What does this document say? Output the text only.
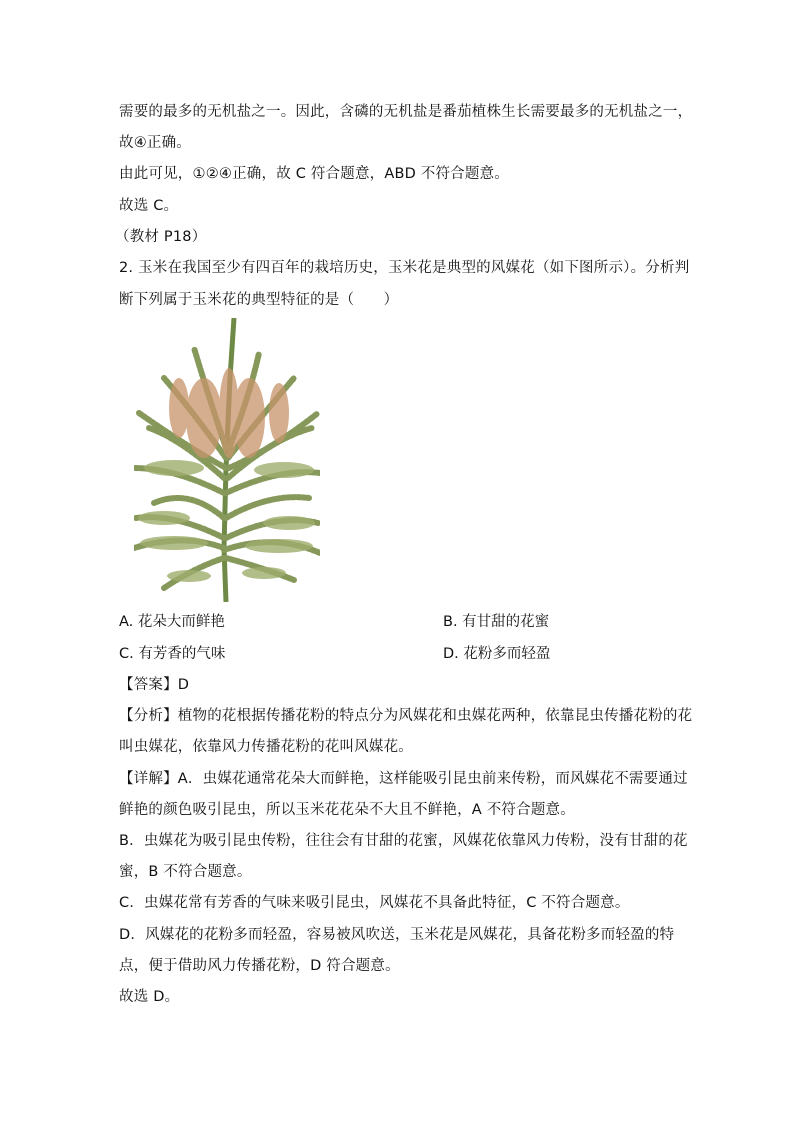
需要的最多的无机盐之一。因此，含磷的无机盐是番茄植株生长需要最多的无机盐之一，
故④正确。
由此可见，①②④正确，故 C 符合题意，ABD 不符合题意。
故选 C。
（教材 P18）
2. 玉米在我国至少有四百年的栽培历史，玉米花是典型的风媒花（如下图所示）。分析判
断下列属于玉米花的典型特征的是（　　）
A. 花朵大而鲜艳	B. 有甘甜的花蜜
C. 有芳香的气味	D. 花粉多而轻盈
【答案】D
【分析】植物的花根据传播花粉的特点分为风媒花和虫媒花两种，依靠昆虫传播花粉的花
叫虫媒花，依靠风力传播花粉的花叫风媒花。
【详解】A．虫媒花通常花朵大而鲜艳，这样能吸引昆虫前来传粉，而风媒花不需要通过
鲜艳的颜色吸引昆虫，所以玉米花花朵不大且不鲜艳，A 不符合题意。
B．虫媒花为吸引昆虫传粉，往往会有甘甜的花蜜，风媒花依靠风力传粉，没有甘甜的花
蜜，B 不符合题意。
C．虫媒花常有芳香的气味来吸引昆虫，风媒花不具备此特征，C 不符合题意。
D．风媒花的花粉多而轻盈，容易被风吹送，玉米花是风媒花，具备花粉多而轻盈的特
点，便于借助风力传播花粉，D 符合题意。
故选 D。
